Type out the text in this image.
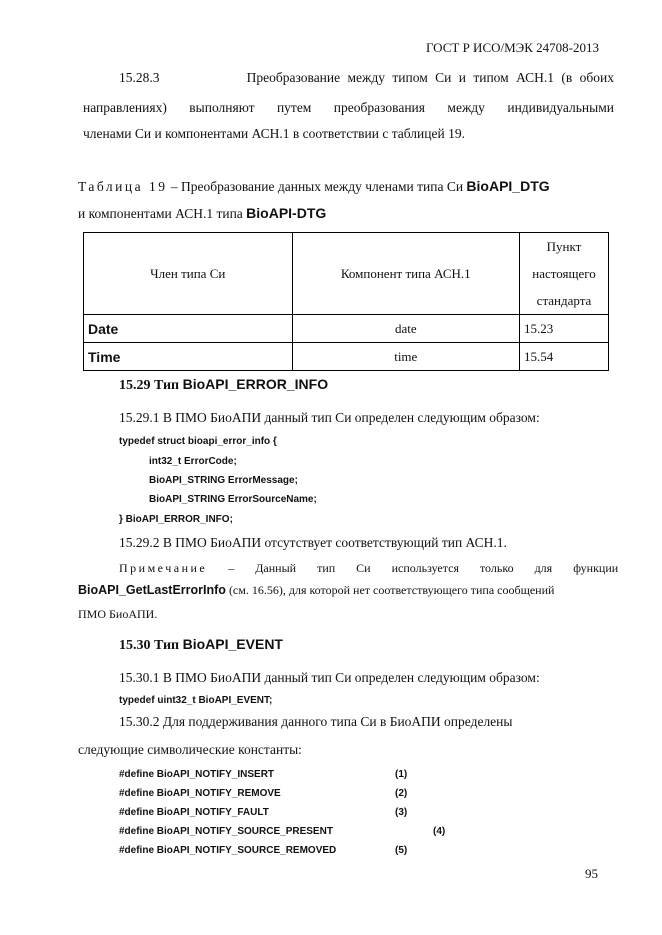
ГОСТ Р ИСО/МЭК 24708-2013
15.28.3	Преобразование между типом Си и типом АСН.1 (в обоих
направлениях) выполняют путем преобразования между индивидуальными
членами Си и компонентами АСН.1 в соответствии с таблицей 19.
Таблица 19 – Преобразование данных между членами типа Си BioAPI_DTG
и компонентами АСН.1 типа BioAPI-DTG
Член типа Си	Компонент типа АСН.1	Пункт
настоящего
стандарта

Date	date	15.23
Time	time	15.54
15.29 Тип BioAPI_ERROR_INFO
15.29.1 В ПМО БиоАПИ данный тип Си определен следующим образом:
typedef struct bioapi_error_info {
int32_t ErrorCode;
BioAPI_STRING ErrorMessage;
BioAPI_STRING ErrorSourceName;
} BioAPI_ERROR_INFO;
15.29.2 В ПМО БиоАПИ отсутствует соответствующий тип АСН.1.
Примечание – Данный тип Си используется только для функции
BioAPI_GetLastErrorInfo (см. 16.56), для которой нет соответствующего типа сообщений
ПМО БиоАПИ.
15.30 Тип BioAPI_EVENT
15.30.1 В ПМО БиоАПИ данный тип Си определен следующим образом:
typedef uint32_t BioAPI_EVENT;
15.30.2 Для поддерживания данного типа Си в БиоАПИ определены
следующие символические константы:
#define BioAPI_NOTIFY_INSERT	(1)
#define BioAPI_NOTIFY_REMOVE	(2)
#define BioAPI_NOTIFY_FAULT	(3)
#define BioAPI_NOTIFY_SOURCE_PRESENT	(4)
#define BioAPI_NOTIFY_SOURCE_REMOVED	(5)
95
